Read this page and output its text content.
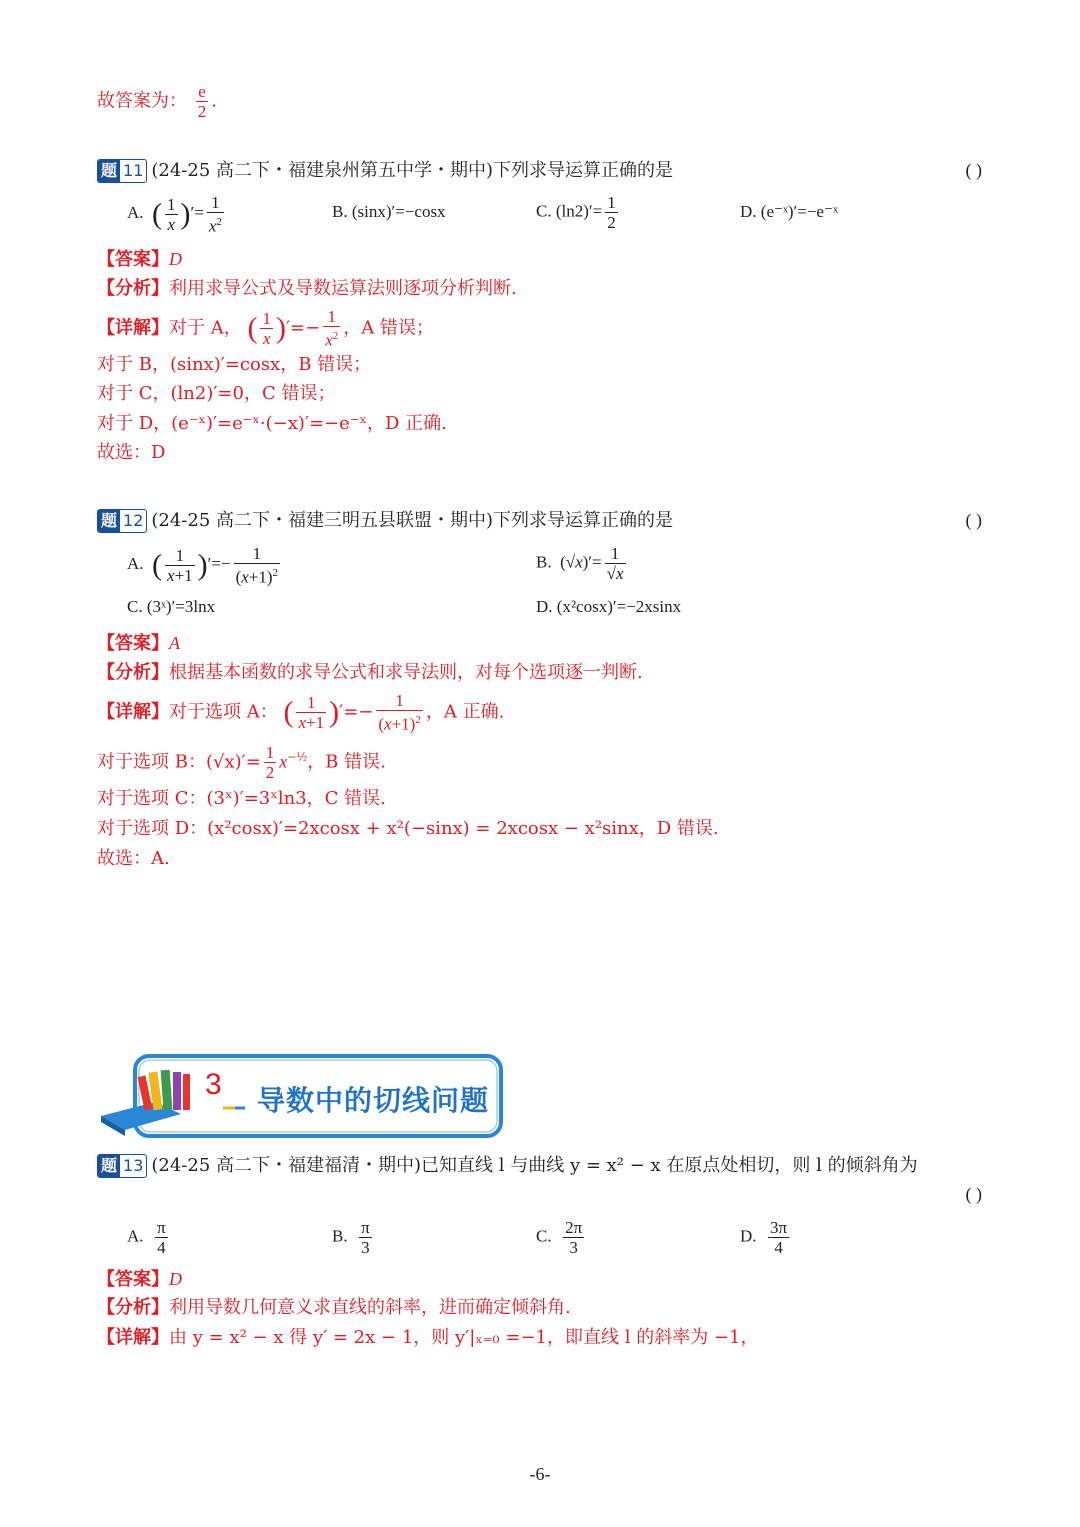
故答案为： $\frac{e}{2}$ .
题 11 (24-25 高二下・福建泉州第五中学・期中)下列求导运算正确的是	( )
A. ( $\frac{1}{x}$ )′= $\frac{1}{x^2}$	B. (sinx)′=−cosx	C. $(\ln 2)'= \frac{1}{2}$	D. (e⁻ˣ)′=−e⁻ˣ
【答案】D
【分析】利用求导公式及导数运算法则逐项分析判断.
【详解】对于 A， ( $\frac{1}{x}$ )′=− $\frac{1}{x^2}$ ，A 错误；
对于 B，(sinx)′=cosx，B 错误；
对于 C，(ln2)′=0，C 错误；
对于 D，(e⁻ˣ)′=e⁻ˣ·(−x)′=−e⁻ˣ，D 正确.
故选：D
题 12 (24-25 高二下・福建三明五县联盟・期中)下列求导运算正确的是	( )
A. ( $\frac{1}{x+1}$ )′=− $\frac{1}{(x+1)^2}$	B.  $(√x)'= \frac{1}{√x}$
C. (3ˣ)′=3lnx	D. (x²cosx)′=−2xsinx
【答案】A
【分析】根据基本函数的求导公式和求导法则，对每个选项逐一判断.
【详解】对于选项 A： ( $\frac{1}{x+1}$ )′=− $\frac{1}{(x+1)^2}$ ，A 正确.
对于选项 B：$(√x)'= \frac{1}{2} x^{-\frac{1}{2}}$，B 错误.
对于选项 C：(3ˣ)′=3ˣln3，C 错误.
对于选项 D：(x²cosx)′=2xcosx + x²(−sinx) = 2xcosx − x²sinx，D 错误.
故选：A.
3 导数中的切线问题
题 13 (24-25 高二下・福建福清・期中)已知直线 l 与曲线 y = x² − x 在原点处相切，则 l 的倾斜角为
( )
A. $\frac{\pi}{4}$	B. $\frac{\pi}{3}$	C. $\frac{2\pi}{3}$	D. $\frac{3\pi}{4}$
【答案】D
【分析】利用导数几何意义求直线的斜率，进而确定倾斜角.
【详解】由 y = x² − x 得 y′ = 2x − 1，则 y′|ₓ₌₀ =−1，即直线 l 的斜率为 −1，
-6-
